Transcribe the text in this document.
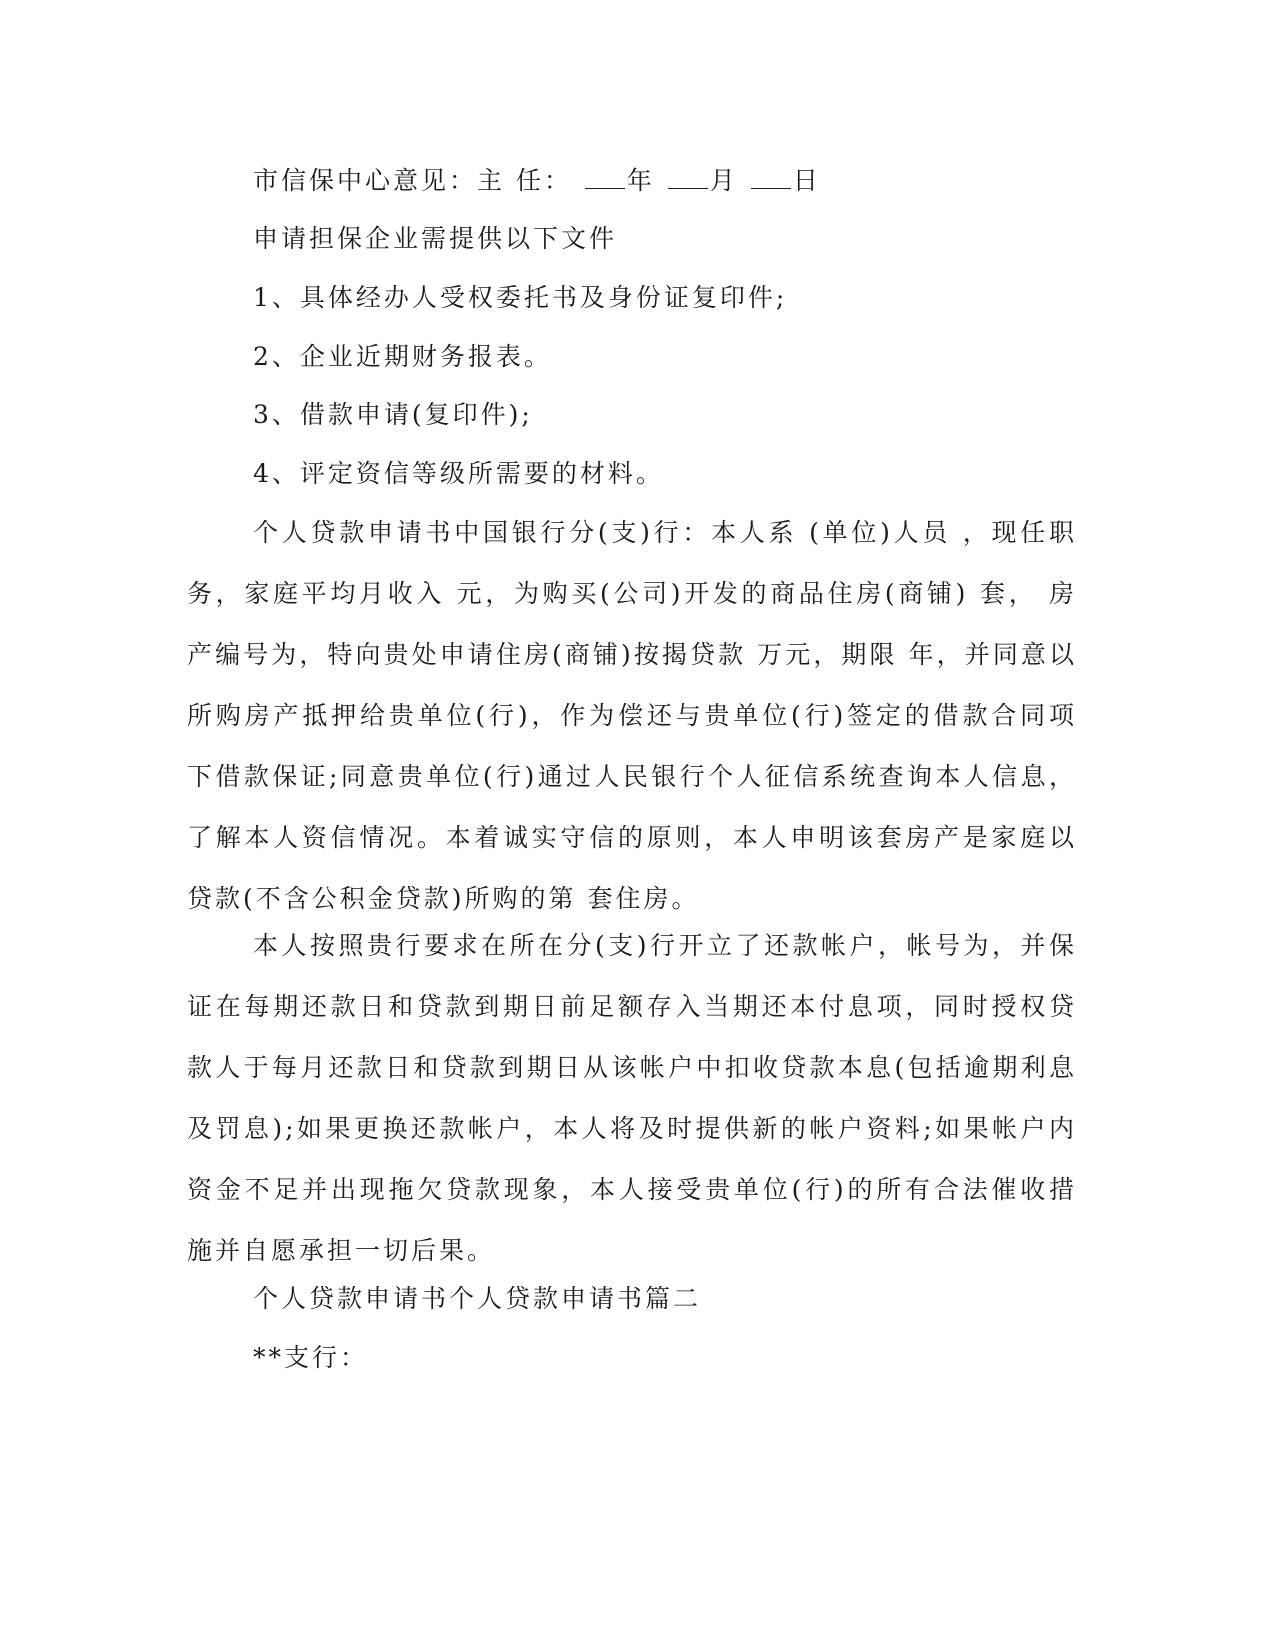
市信保中心意见：主 任： 年 月 日
申请担保企业需提供以下文件
1、具体经办人受权委托书及身份证复印件;
2、企业近期财务报表。
3、借款申请(复印件);
4、评定资信等级所需要的材料。
个人贷款申请书中国银行分(支)行：本人系 (单位)人员 ，现任职务，家庭平均月收入 元，为购买(公司)开发的商品住房(商铺) 套， 房产编号为，特向贵处申请住房(商铺)按揭贷款 万元，期限 年，并同意以所购房产抵押给贵单位(行)，作为偿还与贵单位(行)签定的借款合同项下借款保证;同意贵单位(行)通过人民银行个人征信系统查询本人信息，了解本人资信情况。本着诚实守信的原则，本人申明该套房产是家庭以贷款(不含公积金贷款)所购的第 套住房。
本人按照贵行要求在所在分(支)行开立了还款帐户，帐号为，并保证在每期还款日和贷款到期日前足额存入当期还本付息项，同时授权贷款人于每月还款日和贷款到期日从该帐户中扣收贷款本息(包括逾期利息及罚息);如果更换还款帐户，本人将及时提供新的帐户资料;如果帐户内资金不足并出现拖欠贷款现象，本人接受贵单位(行)的所有合法催收措施并自愿承担一切后果。
个人贷款申请书个人贷款申请书篇二
**支行：
